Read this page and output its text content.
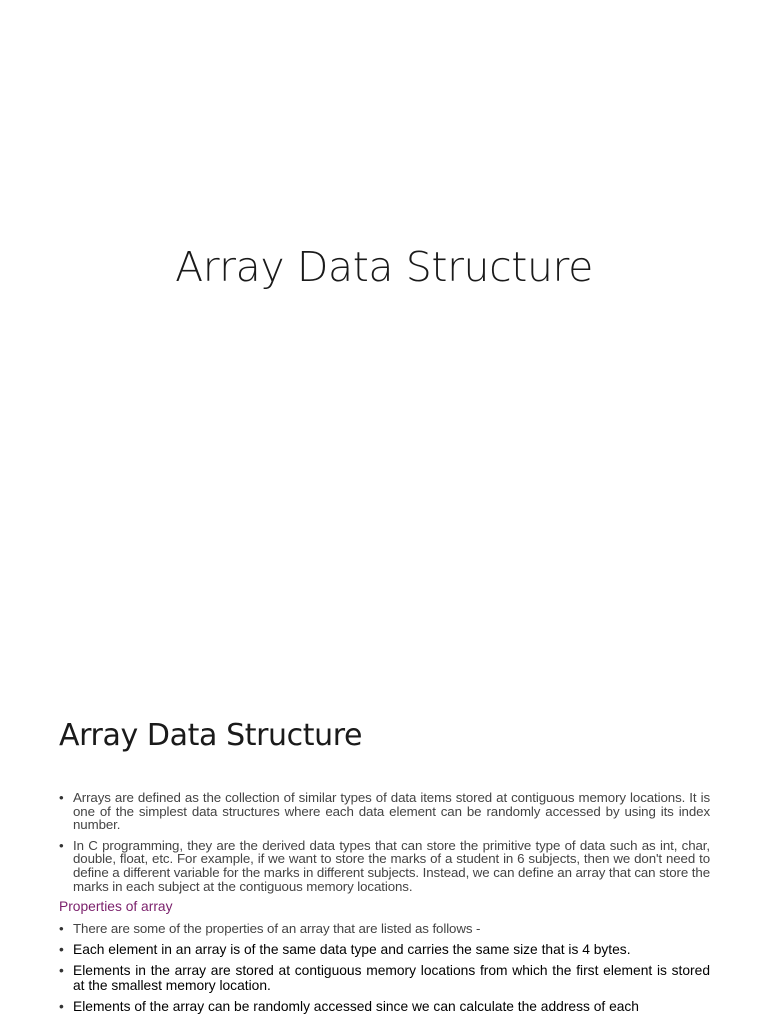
Array Data Structure
Array Data Structure
• Arrays are defined as the collection of similar types of data items stored at contiguous memory locations. It is one of the simplest data structures where each data element can be randomly accessed by using its index number.
• In C programming, they are the derived data types that can store the primitive type of data such as int, char, double, float, etc. For example, if we want to store the marks of a student in 6 subjects, then we don't need to define a different variable for the marks in different subjects. Instead, we can define an array that can store the marks in each subject at the contiguous memory locations.
Properties of array
• There are some of the properties of an array that are listed as follows -
• Each element in an array is of the same data type and carries the same size that is 4 bytes.
• Elements in the array are stored at contiguous memory locations from which the first element is stored at the smallest memory location.
• Elements of the array can be randomly accessed since we can calculate the address of each
